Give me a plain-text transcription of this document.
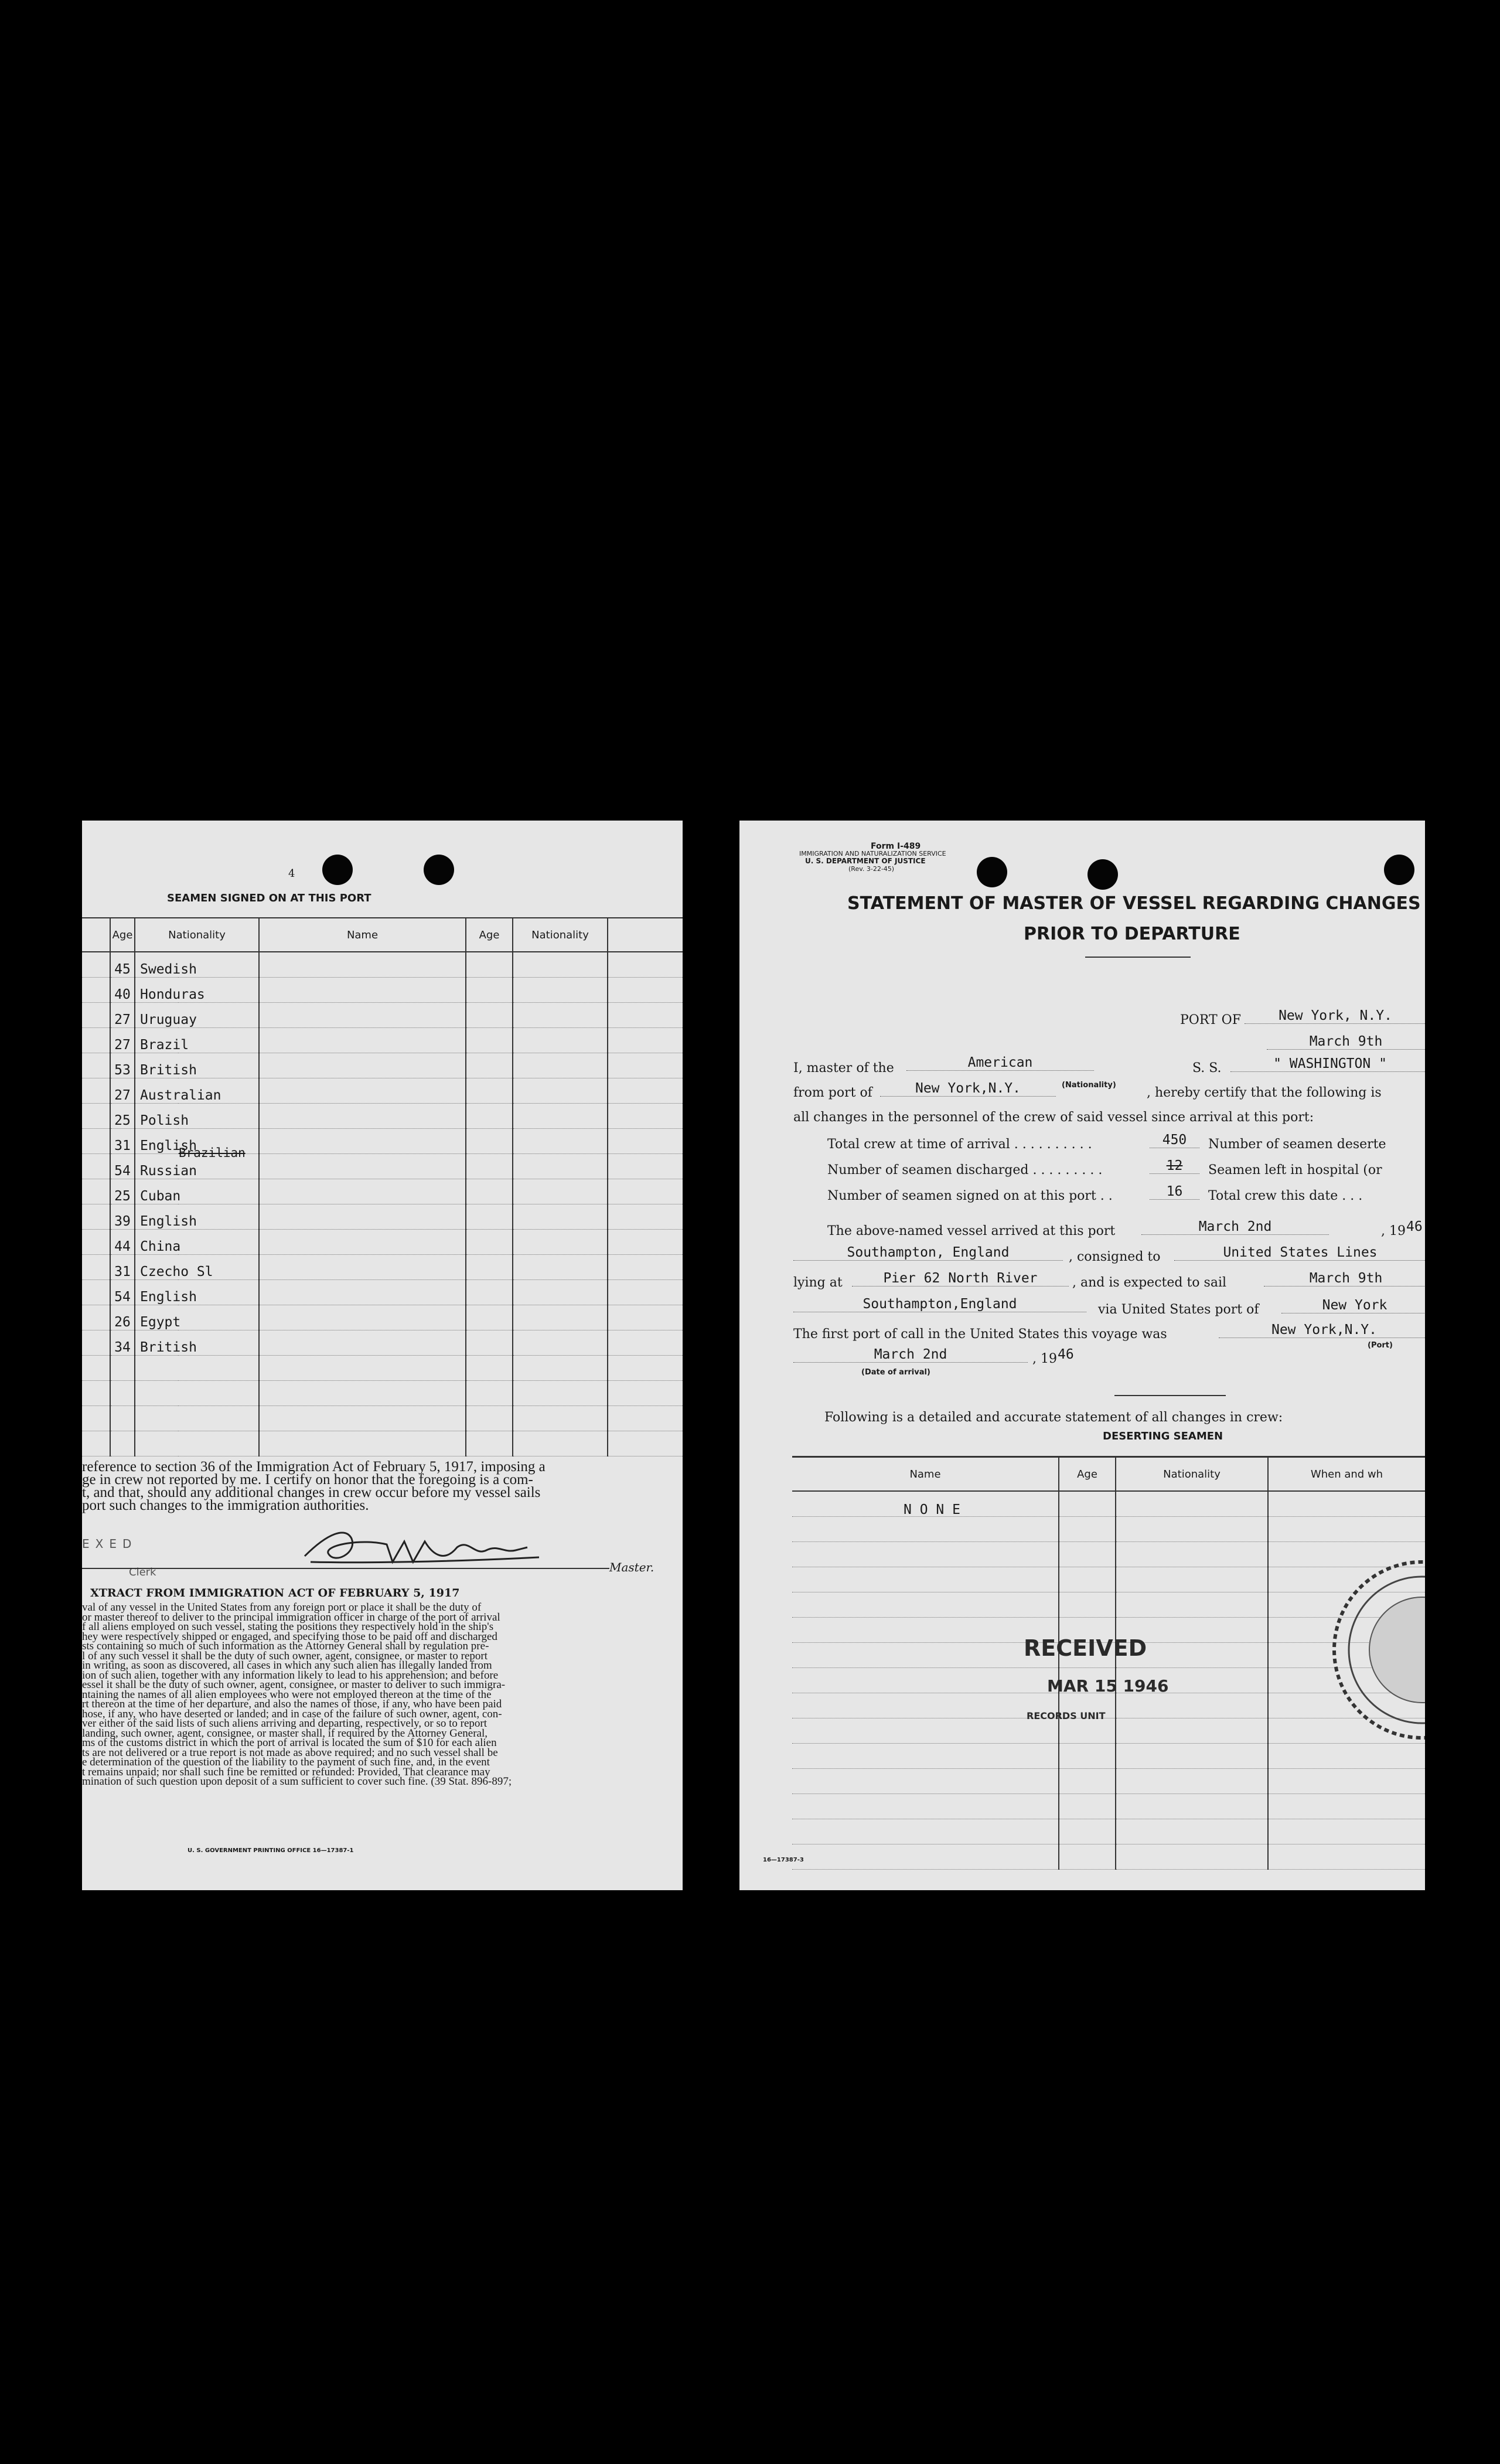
4
SEAMEN SIGNED ON AT THIS PORT
	Age	Nationality	Name	Age	Nationality	
	45	Swedish				
	40	Honduras				
	27	Uruguay				
	27	Brazil				
	53	British				
	27	Australian				
	25	Polish				
	31	English				
	54	Russian				
	25	Cuban				
	39	English				
	44	China				
	31	Czecho Sl				
	54	English				
	26	Egypt				
	34	British				

Brazilian
reference to section 36 of the Immigration Act of February 5, 1917, imposing a
ge in crew not reported by me. I certify on honor that the foregoing is a com-
t, and that, should any additional changes in crew occur before my vessel sails
port such changes to the immigration authorities.
EXED
Clerk	Master.
XTRACT FROM IMMIGRATION ACT OF FEBRUARY 5, 1917
val of any vessel in the United States from any foreign port or place it shall be the duty of
or master thereof to deliver to the principal immigration officer in charge of the port of arrival
f all aliens employed on such vessel, stating the positions they respectively hold in the ship's
hey were respectively shipped or engaged, and specifying those to be paid off and discharged
sts containing so much of such information as the Attorney General shall by regulation pre-
l of any such vessel it shall be the duty of such owner, agent, consignee, or master to report
in writing, as soon as discovered, all cases in which any such alien has illegally landed from
ion of such alien, together with any information likely to lead to his apprehension; and before
essel it shall be the duty of such owner, agent, consignee, or master to deliver to such immigra-
ntaining the names of all alien employees who were not employed thereon at the time of the
rt thereon at the time of her departure, and also the names of those, if any, who have been paid
hose, if any, who have deserted or landed; and in case of the failure of such owner, agent, con-
ver either of the said lists of such aliens arriving and departing, respectively, or so to report
landing, such owner, agent, consignee, or master shall, if required by the Attorney General,
ms of the customs district in which the port of arrival is located the sum of $10 for each alien
ts are not delivered or a true report is not made as above required; and no such vessel shall be
e determination of the question of the liability to the payment of such fine, and, in the event
t remains unpaid; nor shall such fine be remitted or refunded: Provided, That clearance may
mination of such question upon deposit of a sum sufficient to cover such fine. (39 Stat. 896-897;
U. S. GOVERNMENT PRINTING OFFICE 16—17387-1
Form I-489
IMMIGRATION AND NATURALIZATION SERVICE
U. S. DEPARTMENT OF JUSTICE
(Rev. 3-22-45)
STATEMENT OF MASTER OF VESSEL REGARDING CHANGES
PRIOR TO DEPARTURE
PORT OF	New York, N.Y.
March 9th
I, master of the	American
(Nationality)
S. S.	" WASHINGTON "
from port of	New York,N.Y.	, hereby certify that the following is
all changes in the personnel of the crew of said vessel since arrival at this port:
Total crew at time of arrival . . . . . . . . . .	450	Number of seamen deserte
Number of seamen discharged . . . . . . . . .	12	Seamen left in hospital (or
Number of seamen signed on at this port . .	16	Total crew this date . . .
The above-named vessel arrived at this port	March 2nd	, 19 46
Southampton, England	, consigned to	United States Lines
lying at	Pier 62 North River	, and is expected to sail	March 9th
Southampton,England	via United States port of	New York
The first port of call in the United States this voyage was	New York,N.Y.
(Port)
March 2nd	, 19 46
(Date of arrival)
Following is a detailed and accurate statement of all changes in crew:
DESERTING SEAMEN
Name	Age	Nationality	When and wh

N O N E
RECEIVED
MAR 15 1946
RECORDS UNIT
16—17387-3
